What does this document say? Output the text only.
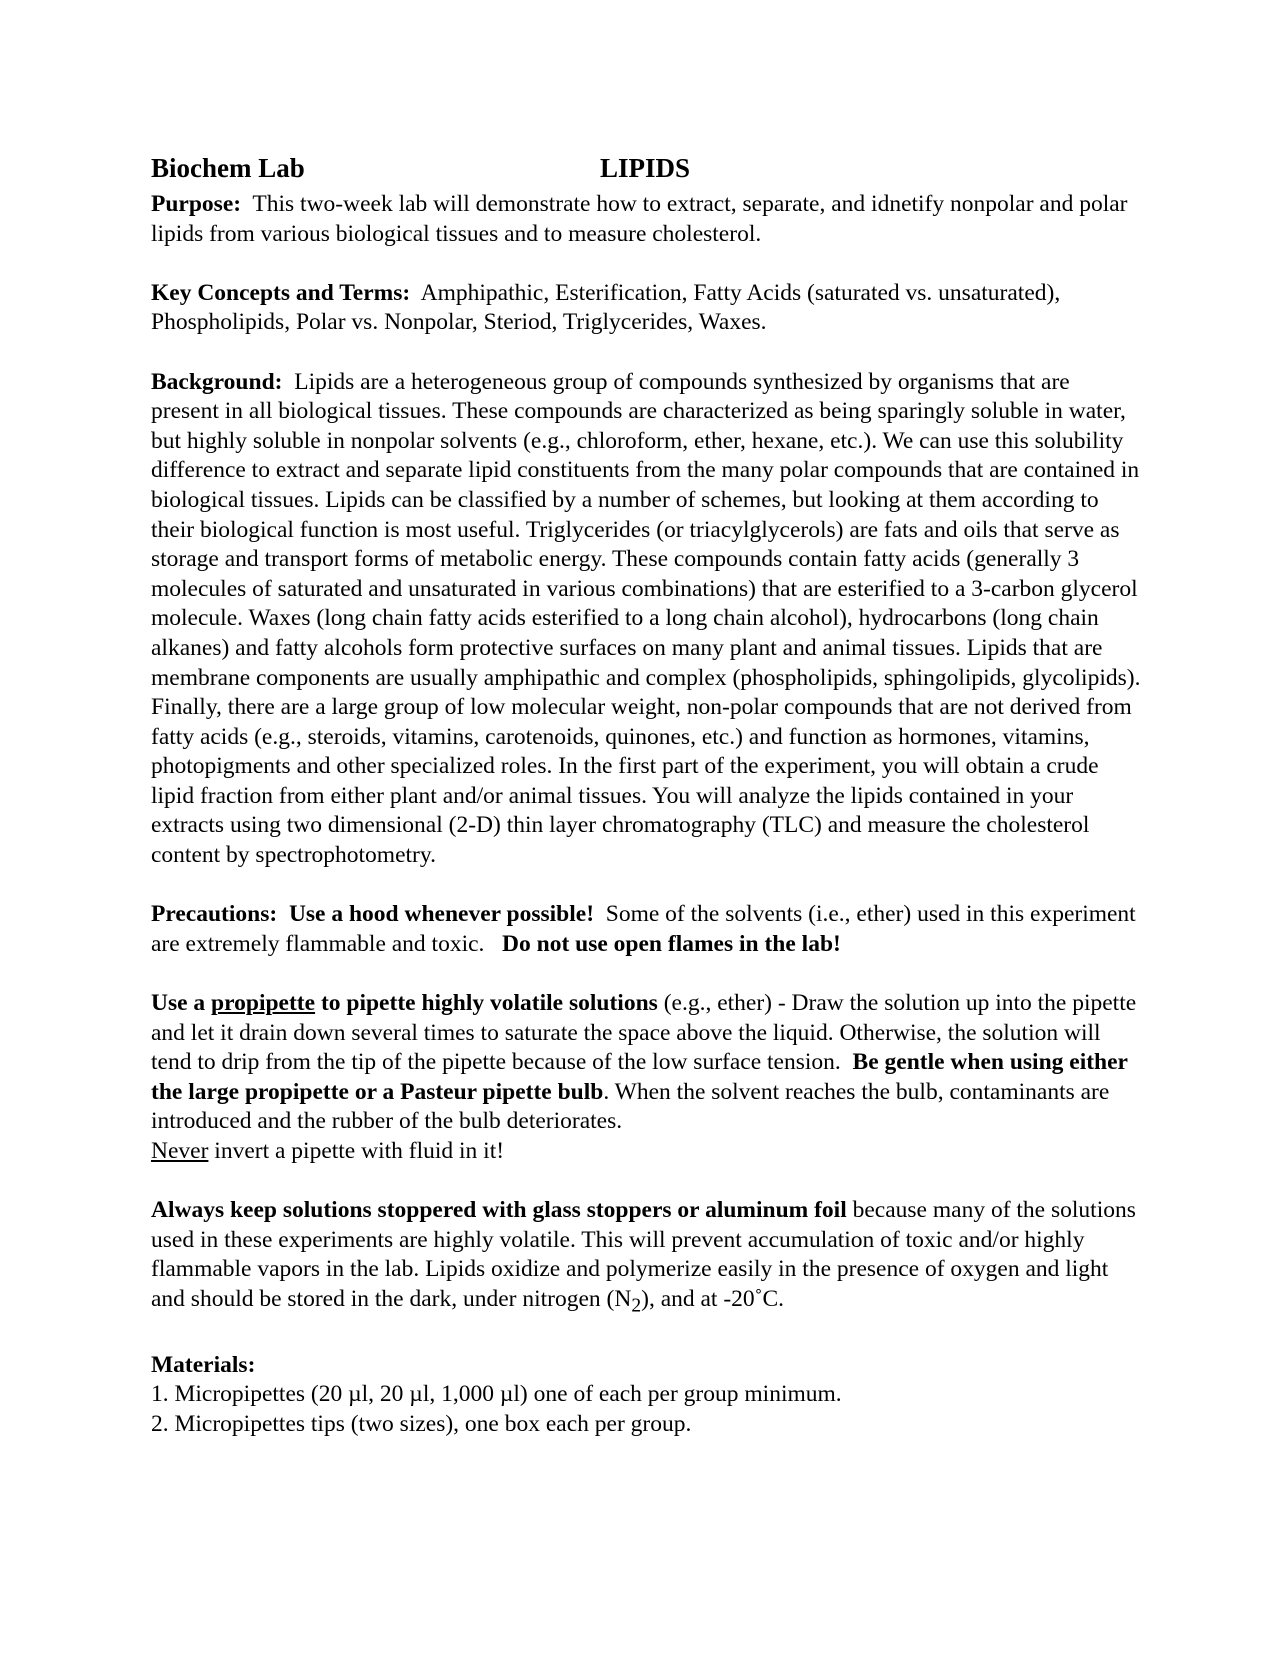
Biochem Lab	LIPIDS

Purpose: This two-week lab will demonstrate how to extract, separate, and idnetify nonpolar and polar lipids from various biological tissues and to measure cholesterol.

Key Concepts and Terms: Amphipathic, Esterification, Fatty Acids (saturated vs. unsaturated), Phospholipids, Polar vs. Nonpolar, Steriod, Triglycerides, Waxes.

Background: Lipids are a heterogeneous group of compounds synthesized by organisms that are present in all biological tissues. These compounds are characterized as being sparingly soluble in water, but highly soluble in nonpolar solvents (e.g., chloroform, ether, hexane, etc.). We can use this solubility difference to extract and separate lipid constituents from the many polar compounds that are contained in biological tissues. Lipids can be classified by a number of schemes, but looking at them according to their biological function is most useful. Triglycerides (or triacylglycerols) are fats and oils that serve as storage and transport forms of metabolic energy. These compounds contain fatty acids (generally 3 molecules of saturated and unsaturated in various combinations) that are esterified to a 3-carbon glycerol molecule. Waxes (long chain fatty acids esterified to a long chain alcohol), hydrocarbons (long chain alkanes) and fatty alcohols form protective surfaces on many plant and animal tissues. Lipids that are membrane components are usually amphipathic and complex (phospholipids, sphingolipids, glycolipids). Finally, there are a large group of low molecular weight, non-polar compounds that are not derived from fatty acids (e.g., steroids, vitamins, carotenoids, quinones, etc.) and function as hormones, vitamins, photopigments and other specialized roles. In the first part of the experiment, you will obtain a crude lipid fraction from either plant and/or animal tissues. You will analyze the lipids contained in your extracts using two dimensional (2-D) thin layer chromatography (TLC) and measure the cholesterol content by spectrophotometry.

Precautions: Use a hood whenever possible! Some of the solvents (i.e., ether) used in this experiment are extremely flammable and toxic. Do not use open flames in the lab!

Use a propipette to pipette highly volatile solutions (e.g., ether) - Draw the solution up into the pipette and let it drain down several times to saturate the space above the liquid. Otherwise, the solution will tend to drip from the tip of the pipette because of the low surface tension. Be gentle when using either the large propipette or a Pasteur pipette bulb. When the solvent reaches the bulb, contaminants are introduced and the rubber of the bulb deteriorates.
Never invert a pipette with fluid in it!

Always keep solutions stoppered with glass stoppers or aluminum foil because many of the solutions used in these experiments are highly volatile. This will prevent accumulation of toxic and/or highly flammable vapors in the lab. Lipids oxidize and polymerize easily in the presence of oxygen and light and should be stored in the dark, under nitrogen $(N_2)$, and at -20˚C.

Materials:
1. Micropipettes (20 µl, 20 µl, 1,000 µl) one of each per group minimum.
2. Micropipettes tips (two sizes), one box each per group.
